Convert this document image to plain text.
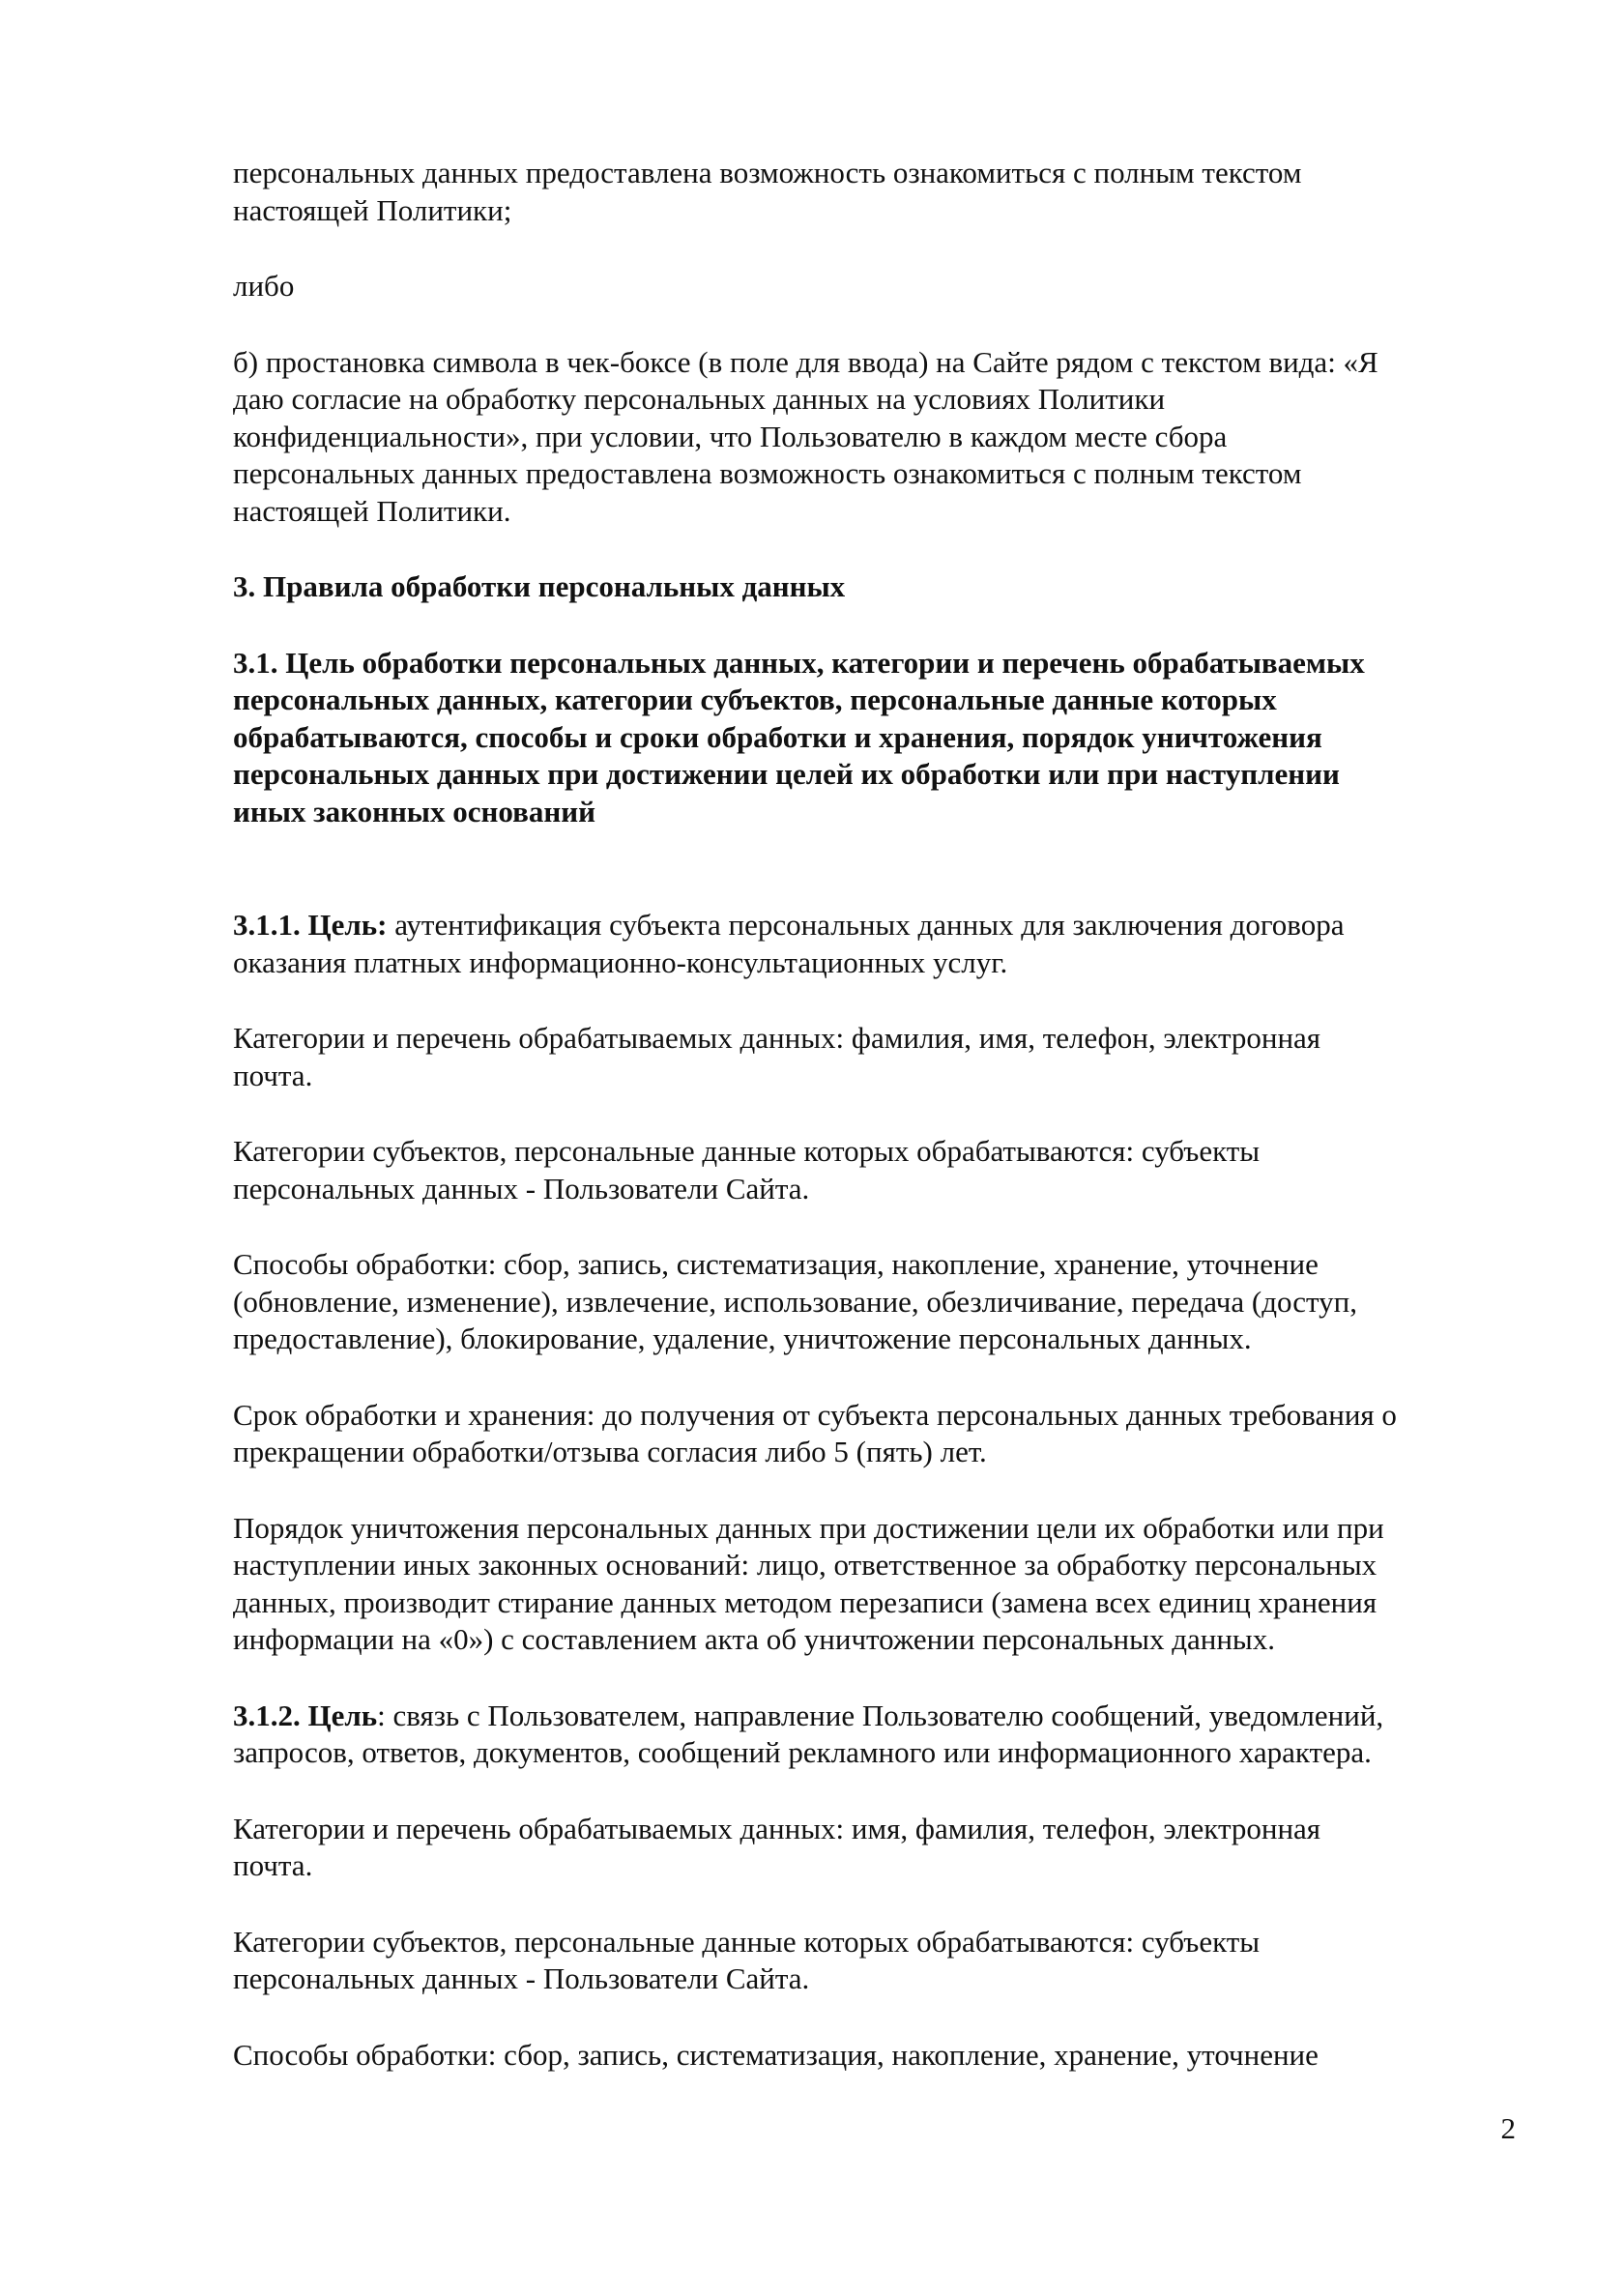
персональных данных предоставлена возможность ознакомиться с полным текстом
настоящей Политики;

либо

б) простановка символа в чек-боксе (в поле для ввода) на Сайте рядом с текстом вида: «Я
даю согласие на обработку персональных данных на условиях Политики
конфиденциальности», при условии, что Пользователю в каждом месте сбора
персональных данных предоставлена возможность ознакомиться с полным текстом
настоящей Политики.

3. Правила обработки персональных данных

3.1. Цель обработки персональных данных, категории и перечень обрабатываемых
персональных данных, категории субъектов, персональные данные которых
обрабатываются, способы и сроки обработки и хранения, порядок уничтожения
персональных данных при достижении целей их обработки или при наступлении
иных законных оснований

3.1.1. Цель: аутентификация субъекта персональных данных для заключения договора
оказания платных информационно-консультационных услуг.

Категории и перечень обрабатываемых данных: фамилия, имя, телефон, электронная
почта.

Категории субъектов, персональные данные которых обрабатываются: субъекты
персональных данных - Пользователи Сайта.

Способы обработки: сбор, запись, систематизация, накопление, хранение, уточнение
(обновление, изменение), извлечение, использование, обезличивание, передача (доступ,
предоставление), блокирование, удаление, уничтожение персональных данных.

Срок обработки и хранения: до получения от субъекта персональных данных требования о
прекращении обработки/отзыва согласия либо 5 (пять) лет.

Порядок уничтожения персональных данных при достижении цели их обработки или при
наступлении иных законных оснований: лицо, ответственное за обработку персональных
данных, производит стирание данных методом перезаписи (замена всех единиц хранения
информации на «0») с составлением акта об уничтожении персональных данных.

3.1.2. Цель: связь с Пользователем, направление Пользователю сообщений, уведомлений,
запросов, ответов, документов, сообщений рекламного или информационного характера.

Категории и перечень обрабатываемых данных: имя, фамилия, телефон, электронная
почта.

Категории субъектов, персональные данные которых обрабатываются: субъекты
персональных данных - Пользователи Сайта.

Способы обработки: сбор, запись, систематизация, накопление, хранение, уточнение

2
